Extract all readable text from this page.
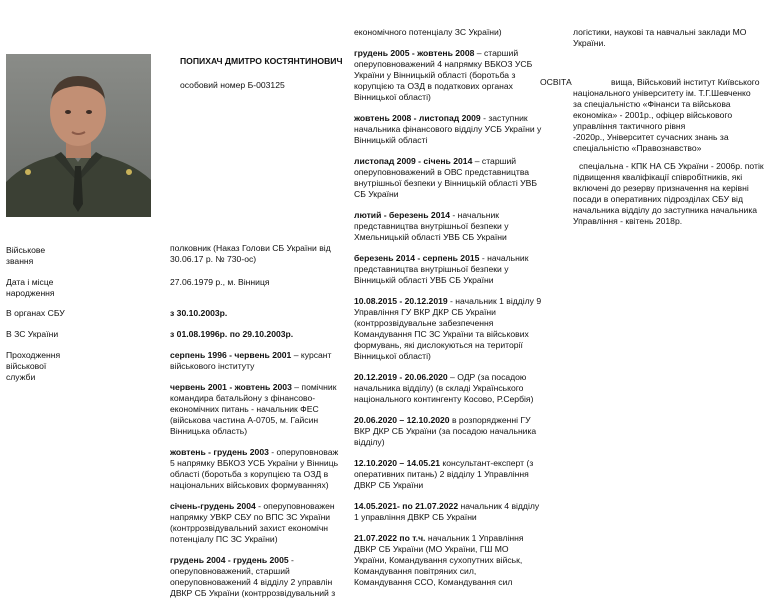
ПОПИХАЧ ДМИТРО КОСТЯНТИНОВИЧ
особовий номер Б-003125
Військове
звання
Дата і місце
народження
В органах СБУ
В ЗС України
Проходження
військової
служби
полковник (Наказ Голови СБ України від
30.06.17 р. № 730-ос)
27.06.1979 р., м. Вінниця
з 30.10.2003р.
з 01.08.1996р. по 29.10.2003р.
серпень 1996 - червень 2001 – курсант
військового інституту
червень 2001 - жовтень 2003 – помічник
командира батальйону з фінансово-
економічних питань - начальник ФЕС
(військова частина А-0705, м. Гайсин
Вінницька область)
жовтень - грудень 2003 - оперуповноваж
5 напрямку ВБКОЗ УСБ України у Вінниць
області (боротьба з корупцією та ОЗД в
національних військових формуваннях)
січень-грудень 2004 - оперуповноважен
напрямку УВКР СБУ по ВПС ЗС України
(контррозвідувальний захист економічн
потенціалу ПС ЗС України)
грудень 2004 - грудень 2005 -
оперуповноважений, старший
оперуповноважений 4 відділу 2 управлін
ДВКР СБ України (контррозвідувальний з
економічного потенціалу ЗС України)
грудень 2005 - жовтень 2008 – старший
оперуповноважений 4 напрямку ВБКОЗ УСБ
України у Вінницькій області (боротьба з
корупцією та ОЗД в податкових органах
Вінницької області)
жовтень 2008 - листопад 2009 - заступник
начальника фінансового відділу УСБ України у
Вінницькій області
листопад 2009 - січень 2014 – старший
оперуповноважений в ОВС представництва
внутрішньої безпеки у Вінницькій області УВБ
СБ України
лютий - березень 2014 - начальник
представництва внутрішньої безпеки у
Хмельницькій області УВБ СБ України
березень 2014 - серпень 2015 - начальник
представництва внутрішньої безпеки у
Вінницькій області УВБ СБ України
10.08.2015 - 20.12.2019 - начальник 1 відділу 9
Управління ГУ ВКР ДКР СБ України
(контррозвідувальне забезпечення
Командування ПС ЗС України та військових
формувань, які дислокуються на території
Вінницької області)
20.12.2019 - 20.06.2020 – ОДР (за посадою
начальника відділу) (в складі Українського
національного контингенту Косово, Р.Сербія)
20.06.2020 – 12.10.2020 в розпорядженні ГУ
ВКР ДКР СБ України (за посадою начальника
відділу)
12.10.2020 – 14.05.21 консультант-експерт (з
оперативних питань) 2 відділу 1 Управління
ДВКР СБ України
14.05.2021- по 21.07.2022 начальник 4 відділу
1 управління ДВКР СБ України
21.07.2022 по т.ч. начальник 1 Управління
ДВКР СБ України (МО України, ГШ МО
України, Командування сухопутних військ,
Командування повітряних сил,
Командування ССО, Командування сил
логістики, наукові та навчальні заклади МО
України.
ОСВІТА	вища, Військовий інститут Київського
національного університету ім. Т.Г.Шевченко
за спеціальністю «Фінанси та військова
економіка» - 2001р., офіцер військового
управління тактичного рівня
-2020р., Університет сучасних знань за
спеціальністю «Правознавство»
спеціальна - КПК НА СБ України - 2006р. потік
підвищення кваліфікації співробітників, які
включені до резерву призначення на керівні
посади в оперативних підрозділах СБУ від
начальника відділу до заступника начальника
Управління - квітень 2018р.
